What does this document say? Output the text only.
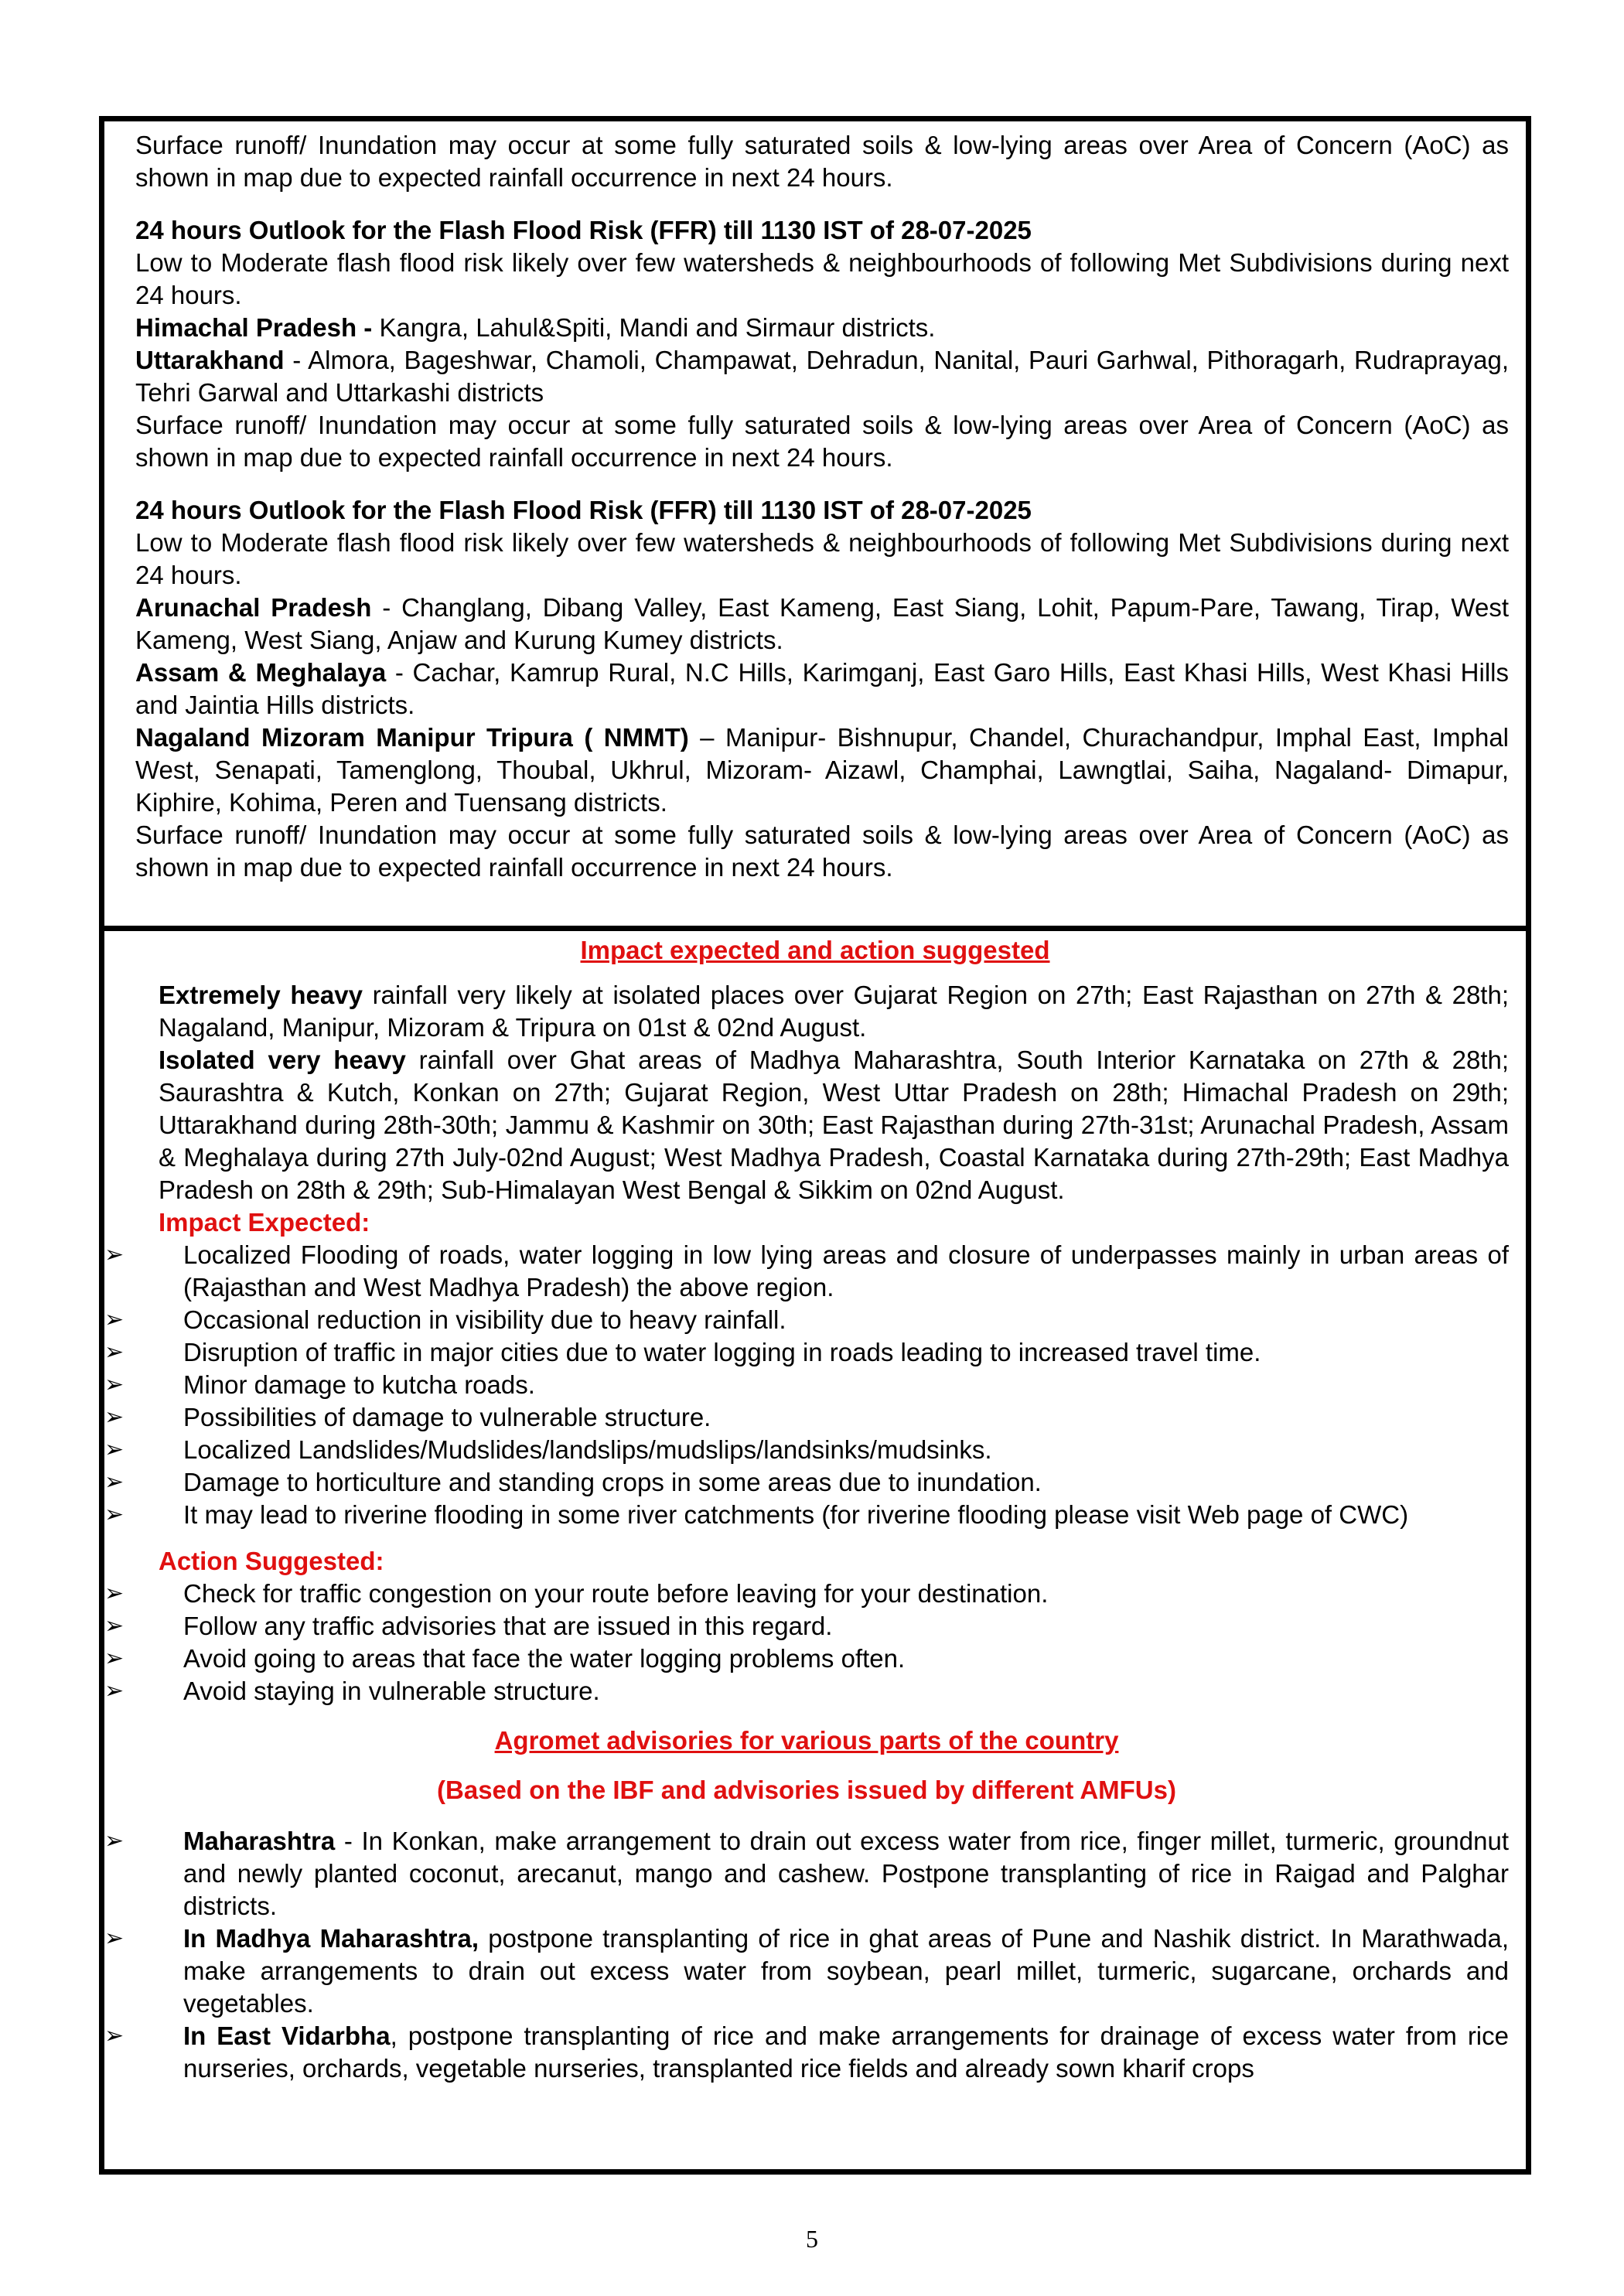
Surface runoff/ Inundation may occur at some fully saturated soils & low-lying areas over Area of Concern (AoC) as shown in map due to expected rainfall occurrence in next 24 hours.

24 hours Outlook for the Flash Flood Risk (FFR) till 1130 IST of 28-07-2025

Low to Moderate flash flood risk likely over few watersheds & neighbourhoods of following Met Subdivisions during next 24 hours.

Himachal Pradesh - Kangra, Lahul&Spiti, Mandi and Sirmaur districts.

Uttarakhand - Almora, Bageshwar, Chamoli, Champawat, Dehradun, Nanital, Pauri Garhwal, Pithoragarh, Rudraprayag, Tehri Garwal and Uttarkashi districts

Surface runoff/ Inundation may occur at some fully saturated soils & low-lying areas over Area of Concern (AoC) as shown in map due to expected rainfall occurrence in next 24 hours.

24 hours Outlook for the Flash Flood Risk (FFR) till 1130 IST of 28-07-2025

Low to Moderate flash flood risk likely over few watersheds & neighbourhoods of following Met Subdivisions during next 24 hours.

Arunachal Pradesh - Changlang, Dibang Valley, East Kameng, East Siang, Lohit, Papum-Pare, Tawang, Tirap, West Kameng, West Siang, Anjaw and Kurung Kumey districts.

Assam & Meghalaya - Cachar, Kamrup Rural, N.C Hills, Karimganj, East Garo Hills, East Khasi Hills, West Khasi Hills and Jaintia Hills districts.

Nagaland Mizoram Manipur Tripura ( NMMT) – Manipur- Bishnupur, Chandel, Churachandpur, Imphal East, Imphal West, Senapati, Tamenglong, Thoubal, Ukhrul, Mizoram- Aizawl, Champhai, Lawngtlai, Saiha, Nagaland- Dimapur, Kiphire, Kohima, Peren and Tuensang districts.

Surface runoff/ Inundation may occur at some fully saturated soils & low-lying areas over Area of Concern (AoC) as shown in map due to expected rainfall occurrence in next 24 hours.

Impact expected and action suggested

Extremely heavy rainfall very likely at isolated places over Gujarat Region on 27th; East Rajasthan on 27th & 28th; Nagaland, Manipur, Mizoram & Tripura on 01st & 02nd August.

Isolated very heavy rainfall over Ghat areas of Madhya Maharashtra, South Interior Karnataka on 27th & 28th; Saurashtra & Kutch, Konkan on 27th; Gujarat Region, West Uttar Pradesh on 28th; Himachal Pradesh on 29th; Uttarakhand during 28th-30th; Jammu & Kashmir on 30th; East Rajasthan during 27th-31st; Arunachal Pradesh, Assam & Meghalaya during 27th July-02nd August; West Madhya Pradesh, Coastal Karnataka during 27th-29th; East Madhya Pradesh on 28th & 29th; Sub-Himalayan West Bengal & Sikkim on 02nd August.

Impact Expected:

➢	Localized Flooding of roads, water logging in low lying areas and closure of underpasses mainly in urban areas of (Rajasthan and West Madhya Pradesh) the above region.
➢	Occasional reduction in visibility due to heavy rainfall.
➢	Disruption of traffic in major cities due to water logging in roads leading to increased travel time.
➢	Minor damage to kutcha roads.
➢	Possibilities of damage to vulnerable structure.
➢	Localized Landslides/Mudslides/landslips/mudslips/landsinks/mudsinks.
➢	Damage to horticulture and standing crops in some areas due to inundation.
➢	It may lead to riverine flooding in some river catchments (for riverine flooding please visit Web page of CWC)

Action Suggested:

➢	Check for traffic congestion on your route before leaving for your destination.
➢	Follow any traffic advisories that are issued in this regard.
➢	Avoid going to areas that face the water logging problems often.
➢	Avoid staying in vulnerable structure.
Agromet advisories for various parts of the country
(Based on the IBF and advisories issued by different AMFUs)
➢	Maharashtra - In Konkan, make arrangement to drain out excess water from rice, finger millet, turmeric, groundnut and newly planted coconut, arecanut, mango and cashew. Postpone transplanting of rice in Raigad and Palghar districts.
➢	In Madhya Maharashtra, postpone transplanting of rice in ghat areas of Pune and Nashik district. In Marathwada, make arrangements to drain out excess water from soybean, pearl millet, turmeric, sugarcane, orchards and vegetables.
➢	In East Vidarbha, postpone transplanting of rice and make arrangements for drainage of excess water from rice nurseries, orchards, vegetable nurseries, transplanted rice fields and already sown kharif crops
5
